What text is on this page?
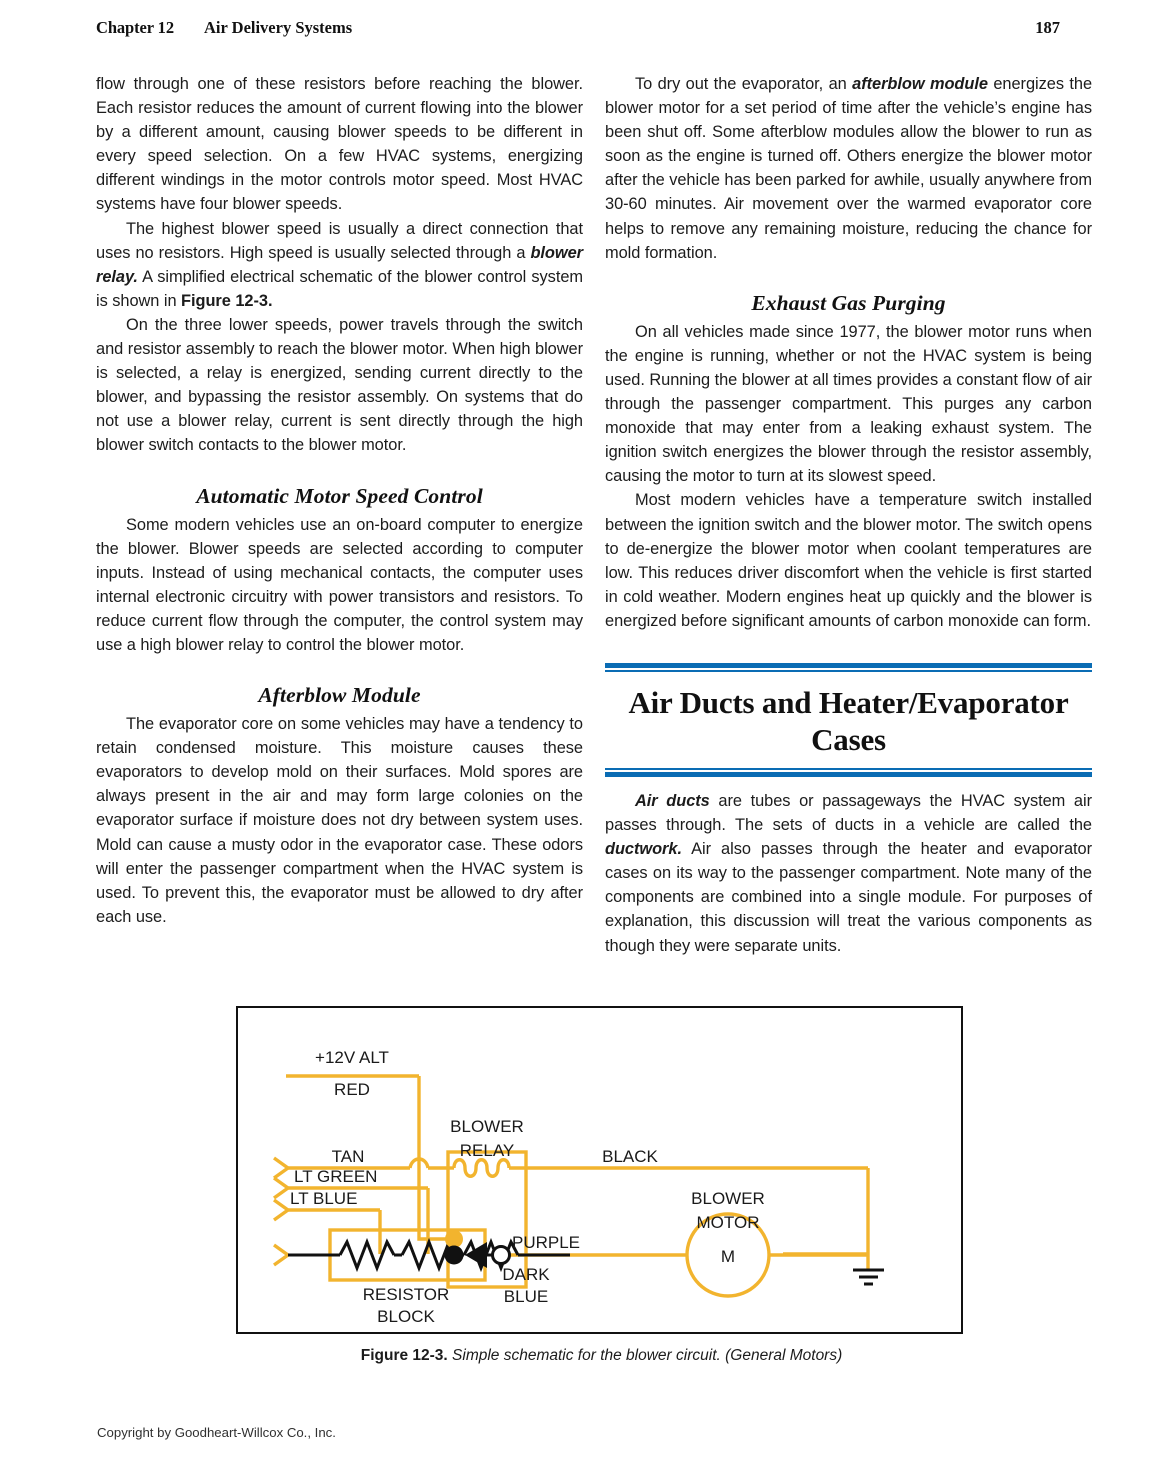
Chapter 12 Air Delivery Systems	187

flow through one of these resistors before reaching the blower. Each resistor reduces the amount of current flowing into the blower by a different amount, causing blower speeds to be different in every speed selection. On a few HVAC systems, energizing different windings in the motor controls motor speed. Most HVAC systems have four blower speeds.

The highest blower speed is usually a direct connection that uses no resistors. High speed is usually selected through a blower relay. A simplified electrical schematic of the blower control system is shown in Figure 12-3.

On the three lower speeds, power travels through the switch and resistor assembly to reach the blower motor. When high blower is selected, a relay is energized, sending current directly to the blower, and bypassing the resistor assembly. On systems that do not use a blower relay, current is sent directly through the high blower switch contacts to the blower motor.

Automatic Motor Speed Control

Some modern vehicles use an on-board computer to energize the blower. Blower speeds are selected according to computer inputs. Instead of using mechanical contacts, the computer uses internal electronic circuitry with power transistors and resistors. To reduce current flow through the computer, the control system may use a high blower relay to control the blower motor.

Afterblow Module

The evaporator core on some vehicles may have a tendency to retain condensed moisture. This moisture causes these evaporators to develop mold on their surfaces. Mold spores are always present in the air and may form large colonies on the evaporator surface if moisture does not dry between system uses. Mold can cause a musty odor in the evaporator case. These odors will enter the passenger compartment when the HVAC system is used. To prevent this, the evaporator must be allowed to dry after each use.

To dry out the evaporator, an afterblow module energizes the blower motor for a set period of time after the vehicle’s engine has been shut off. Some afterblow modules allow the blower to run as soon as the engine is turned off. Others energize the blower motor after the vehicle has been parked for awhile, usually anywhere from 30-60 minutes. Air movement over the warmed evaporator core helps to remove any remaining moisture, reducing the chance for mold formation.

Exhaust Gas Purging

On all vehicles made since 1977, the blower motor runs when the engine is running, whether or not the HVAC system is being used. Running the blower at all times provides a constant flow of air through the passenger compartment. This purges any carbon monoxide that may enter from a leaking exhaust system. The ignition switch energizes the blower through the resistor assembly, causing the motor to turn at its slowest speed.

Most modern vehicles have a temperature switch installed between the ignition switch and the blower motor. The switch opens to de-energize the blower motor when coolant temperatures are low. This reduces driver discomfort when the vehicle is first started in cold weather. Modern engines heat up quickly and the blower is energized before significant amounts of carbon monoxide can form.

Air Ducts and Heater/Evaporator Cases

Air ducts are tubes or passageways the HVAC system air passes through. The sets of ducts in a vehicle are called the ductwork. Air also passes through the heater and evaporator cases on its way to the passenger compartment. Note many of the components are combined into a single module. For purposes of explanation, this discussion will treat the various components as though they were separate units.

+12V ALT
RED
BLOWER
RELAY
TAN
LT GREEN
LT BLUE
BLACK
BLOWER
MOTOR
M
PURPLE
DARK
BLUE
RESISTOR
BLOCK
Figure 12-3. Simple schematic for the blower circuit. (General Motors)
Copyright by Goodheart-Willcox Co., Inc.
